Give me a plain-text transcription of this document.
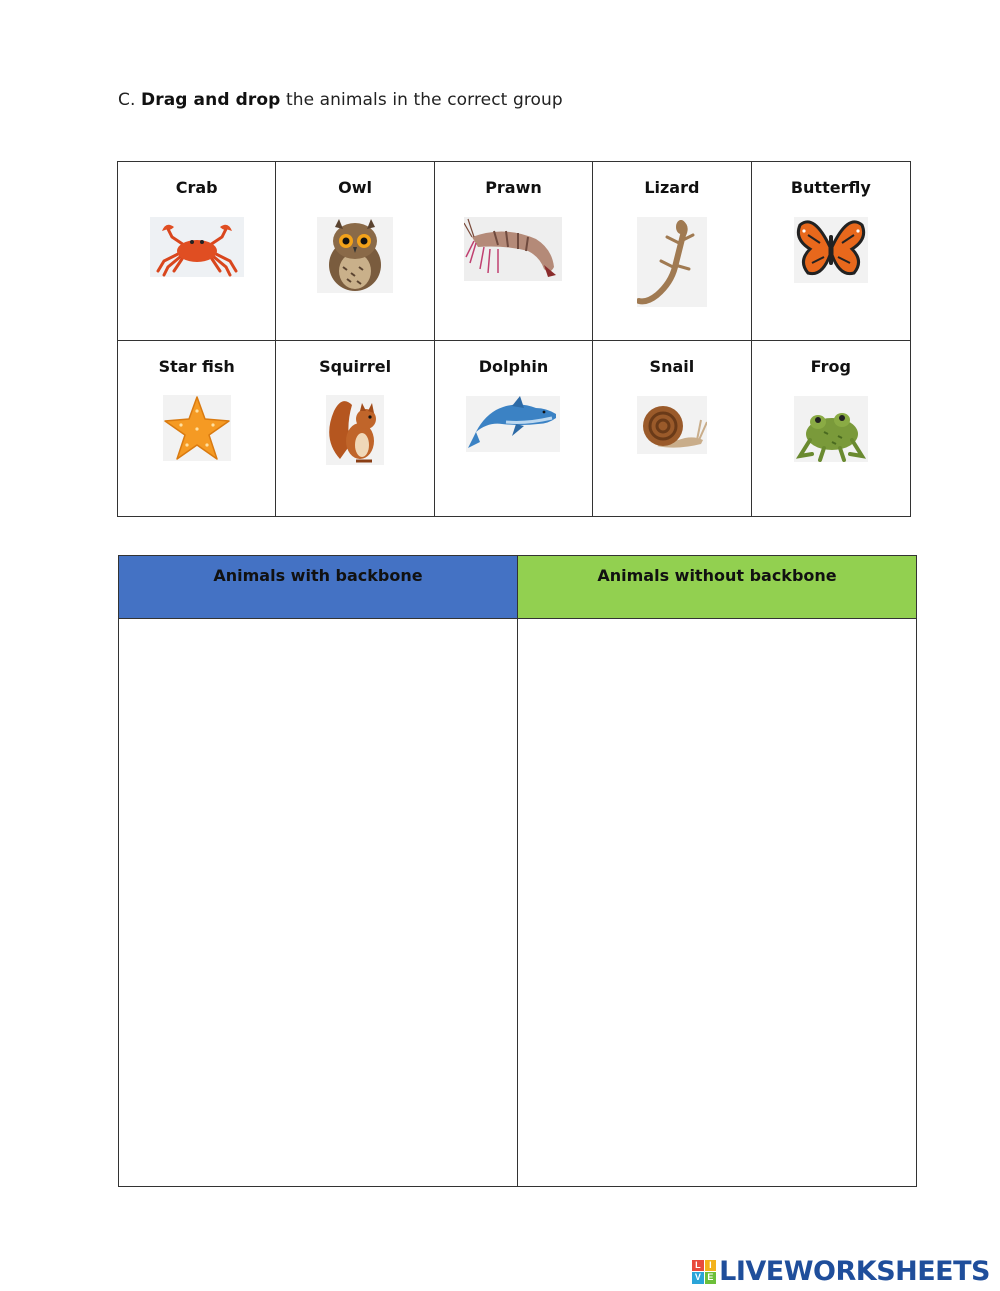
C. Drag and drop the animals in the correct group
Crab	Owl	Prawn	Lizard	Butterfly
Star fish	Squirrel	Dolphin	Snail	Frog
Animals with backbone	Animals without backbone
L I
V E LIVEWORKSHEETS
